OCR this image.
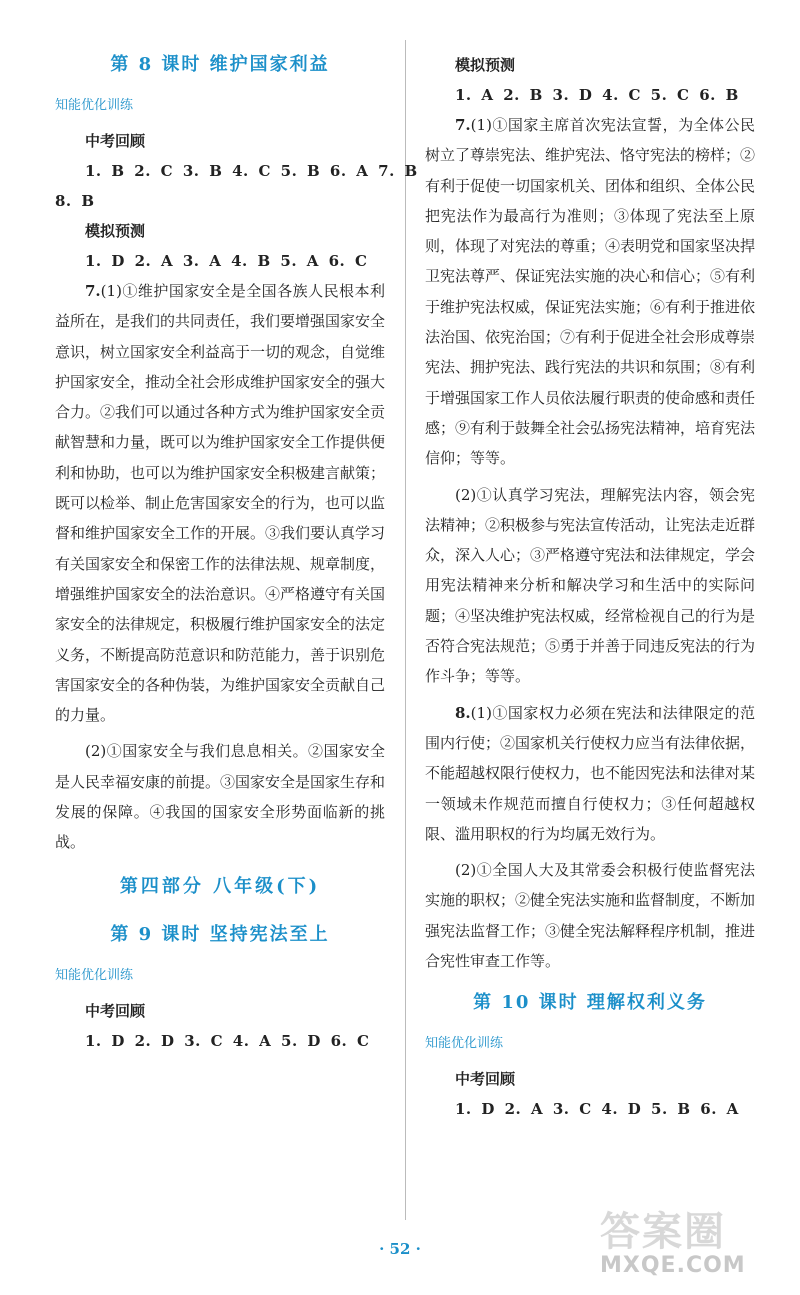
第 8 课时 维护国家利益
知能优化训练
中考回顾
1. B 2. C 3. B 4. C 5. B 6. A 7. B
8. B
模拟预测
1. D 2. A 3. A 4. B 5. A 6. C

7.(1)①维护国家安全是全国各族人民根本利益所在，是我们的共同责任，我们要增强国家安全意识，树立国家安全利益高于一切的观念，自觉维护国家安全，推动全社会形成维护国家安全的强大合力。②我们可以通过各种方式为维护国家安全贡献智慧和力量，既可以为维护国家安全工作提供便利和协助，也可以为维护国家安全积极建言献策；既可以检举、制止危害国家安全的行为，也可以监督和维护国家安全工作的开展。③我们要认真学习有关国家安全和保密工作的法律法规、规章制度，增强维护国家安全的法治意识。④严格遵守有关国家安全的法律规定，积极履行维护国家安全的法定义务，不断提高防范意识和防范能力，善于识别危害国家安全的各种伪装，为维护国家安全贡献自己的力量。

(2)①国家安全与我们息息相关。②国家安全是人民幸福安康的前提。③国家安全是国家生存和发展的保障。④我国的国家安全形势面临新的挑战。

第四部分 八年级(下)
第 9 课时 坚持宪法至上
知能优化训练
中考回顾
1. D 2. D 3. C 4. A 5. D 6. C
模拟预测
1. A 2. B 3. D 4. C 5. C 6. B

7.(1)①国家主席首次宪法宣誓，为全体公民树立了尊崇宪法、维护宪法、恪守宪法的榜样；②有利于促使一切国家机关、团体和组织、全体公民把宪法作为最高行为准则；③体现了宪法至上原则，体现了对宪法的尊重；④表明党和国家坚决捍卫宪法尊严、保证宪法实施的决心和信心；⑤有利于维护宪法权威，保证宪法实施；⑥有利于推进依法治国、依宪治国；⑦有利于促进全社会形成尊崇宪法、拥护宪法、践行宪法的共识和氛围；⑧有利于增强国家工作人员依法履行职责的使命感和责任感；⑨有利于鼓舞全社会弘扬宪法精神，培育宪法信仰；等等。

(2)①认真学习宪法，理解宪法内容，领会宪法精神；②积极参与宪法宣传活动，让宪法走近群众，深入人心；③严格遵守宪法和法律规定，学会用宪法精神来分析和解决学习和生活中的实际问题；④坚决维护宪法权威，经常检视自己的行为是否符合宪法规范；⑤勇于并善于同违反宪法的行为作斗争；等等。

8.(1)①国家权力必须在宪法和法律限定的范围内行使；②国家机关行使权力应当有法律依据，不能超越权限行使权力，也不能因宪法和法律对某一领域未作规范而擅自行使权力；③任何超越权限、滥用职权的行为均属无效行为。

(2)①全国人大及其常委会积极行使监督宪法实施的职权；②健全宪法实施和监督制度，不断加强宪法监督工作；③健全宪法解释程序机制，推进合宪性审查工作等。

第 10 课时 理解权利义务
知能优化训练
中考回顾
1. D 2. A 3. C 4. D 5. B 6. A
· 52 ·	答案圈
MXQE.COM
